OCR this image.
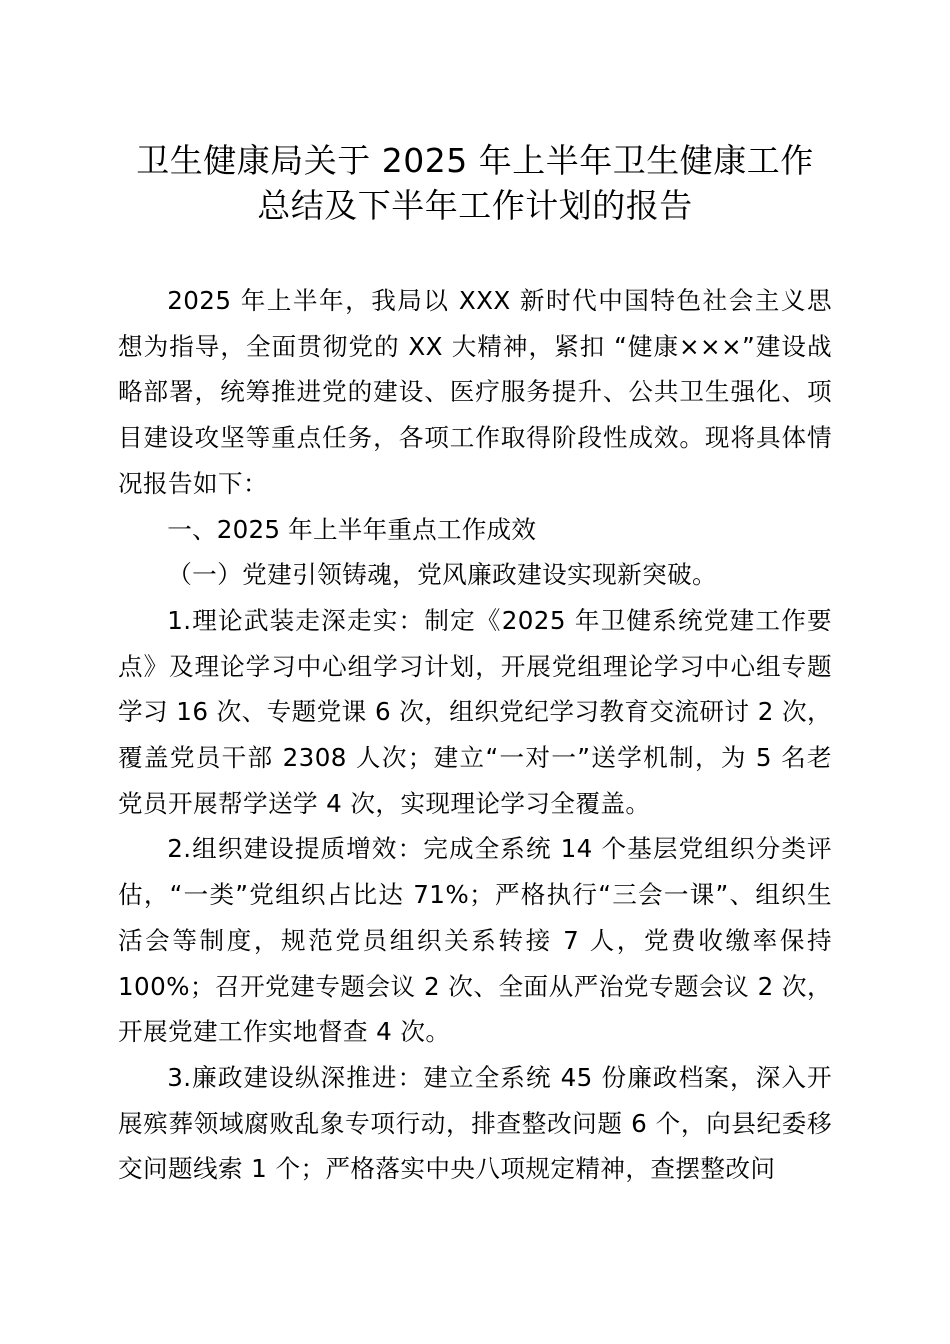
卫生健康局关于 2025 年上半年卫生健康工作
总结及下半年工作计划的报告

2025 年上半年，我局以 XXX 新时代中国特色社会主义思想为指导，全面贯彻党的 XX 大精神，紧扣 “健康×××”建设战略部署，统筹推进党的建设、医疗服务提升、公共卫生强化、项目建设攻坚等重点任务，各项工作取得阶段性成效。现将具体情况报告如下：

一、2025 年上半年重点工作成效

（一）党建引领铸魂，党风廉政建设实现新突破。

1.理论武装走深走实：制定《2025 年卫健系统党建工作要点》及理论学习中心组学习计划，开展党组理论学习中心组专题学习 16 次、专题党课 6 次，组织党纪学习教育交流研讨 2 次，覆盖党员干部 2308 人次；建立“一对一”送学机制，为 5 名老党员开展帮学送学 4 次，实现理论学习全覆盖。

2.组织建设提质增效：完成全系统 14 个基层党组织分类评估，“一类”党组织占比达 71%；严格执行“三会一课”、组织生活会等制度，规范党员组织关系转接 7 人，党费收缴率保持 100%；召开党建专题会议 2 次、全面从严治党专题会议 2 次，开展党建工作实地督查 4 次。

3.廉政建设纵深推进：建立全系统 45 份廉政档案，深入开展殡葬领域腐败乱象专项行动，排查整改问题 6 个，向县纪委移交问题线索 1 个；严格落实中央八项规定精神，查摆整改问
